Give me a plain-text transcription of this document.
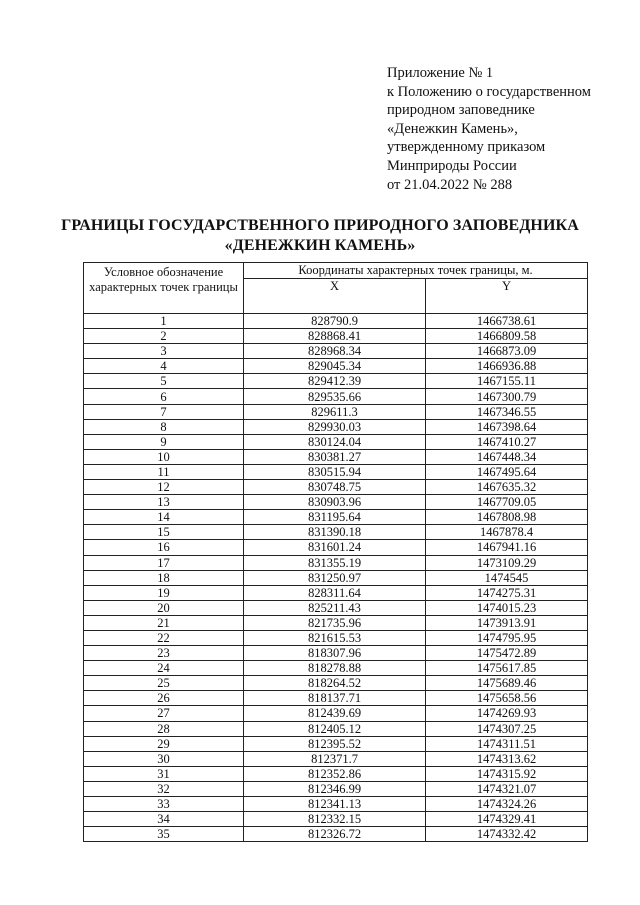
Приложение № 1
к Положению о государственном
природном заповеднике
«Денежкин Камень»,
утвержденному приказом
Минприроды России
от 21.04.2022 № 288
ГРАНИЦЫ ГОСУДАРСТВЕННОГО ПРИРОДНОГО ЗАПОВЕДНИКА
«ДЕНЕЖКИН КАМЕНЬ»
Условное обозначение характерных точек границы	Координаты характерных точек границы, м.	
	X	Y
1	828790.9	1466738.61
2	828868.41	1466809.58
3	828968.34	1466873.09
4	829045.34	1466936.88
5	829412.39	1467155.11
6	829535.66	1467300.79
7	829611.3	1467346.55
8	829930.03	1467398.64
9	830124.04	1467410.27
10	830381.27	1467448.34
11	830515.94	1467495.64
12	830748.75	1467635.32
13	830903.96	1467709.05
14	831195.64	1467808.98
15	831390.18	1467878.4
16	831601.24	1467941.16
17	831355.19	1473109.29
18	831250.97	1474545
19	828311.64	1474275.31
20	825211.43	1474015.23
21	821735.96	1473913.91
22	821615.53	1474795.95
23	818307.96	1475472.89
24	818278.88	1475617.85
25	818264.52	1475689.46
26	818137.71	1475658.56
27	812439.69	1474269.93
28	812405.12	1474307.25
29	812395.52	1474311.51
30	812371.7	1474313.62
31	812352.86	1474315.92
32	812346.99	1474321.07
33	812341.13	1474324.26
34	812332.15	1474329.41
35	812326.72	1474332.42
